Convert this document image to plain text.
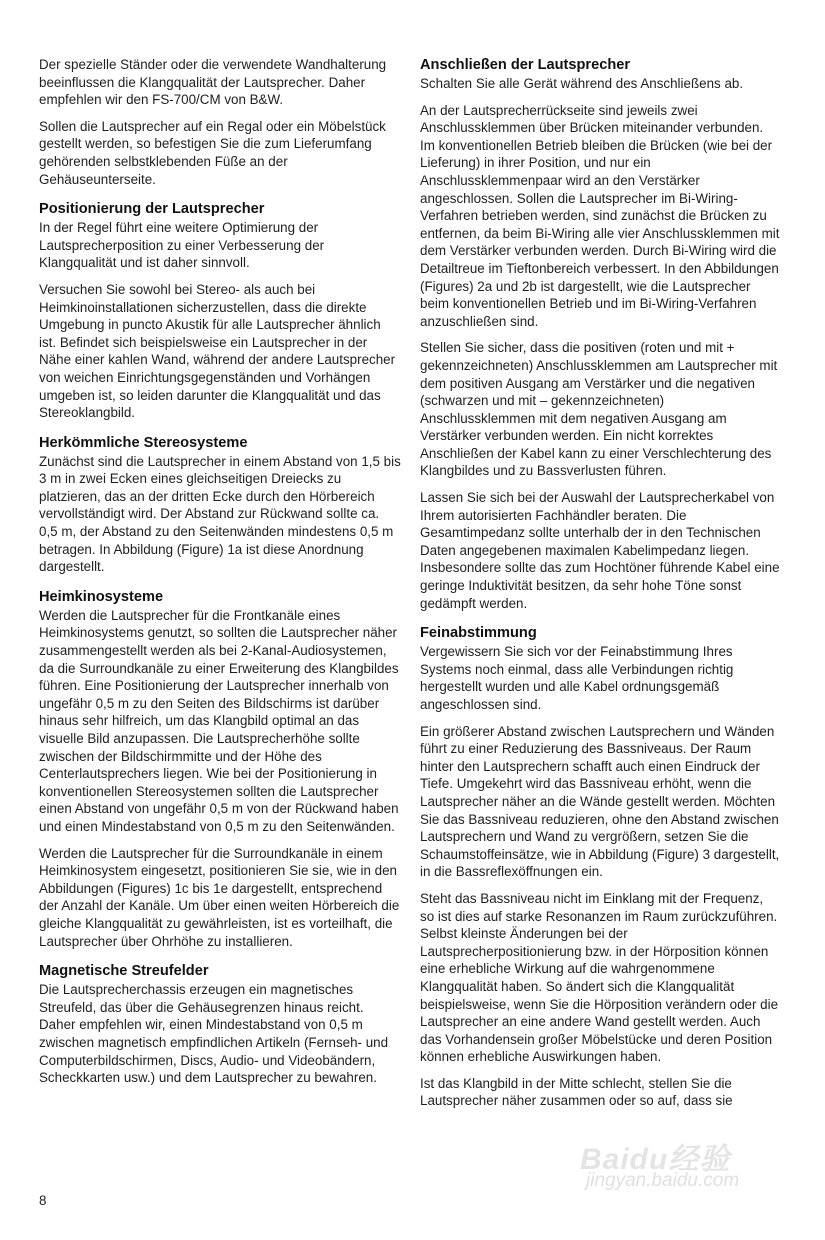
Der spezielle Ständer oder die verwendete Wandhalterung beeinflussen die Klangqualität der Lautsprecher. Daher empfehlen wir den FS-700/CM von B&W.

Sollen die Lautsprecher auf ein Regal oder ein Möbelstück gestellt werden, so befestigen Sie die zum Lieferumfang gehörenden selbstklebenden Füße an der Gehäuseunterseite.

Positionierung der Lautsprecher

In der Regel führt eine weitere Optimierung der Lautsprecherposition zu einer Verbesserung der Klangqualität und ist daher sinnvoll.

Versuchen Sie sowohl bei Stereo- als auch bei Heimkinoinstallationen sicherzustellen, dass die direkte Umgebung in puncto Akustik für alle Lautsprecher ähnlich ist. Befindet sich beispielsweise ein Lautsprecher in der Nähe einer kahlen Wand, während der andere Lautsprecher von weichen Einrichtungsgegenständen und Vorhängen umgeben ist, so leiden darunter die Klangqualität und das Stereoklangbild.

Herkömmliche Stereosysteme

Zunächst sind die Lautsprecher in einem Abstand von 1,5 bis 3 m in zwei Ecken eines gleichseitigen Dreiecks zu platzieren, das an der dritten Ecke durch den Hörbereich vervollständigt wird. Der Abstand zur Rückwand sollte ca. 0,5 m, der Abstand zu den Seitenwänden mindestens 0,5 m betragen. In Abbildung (Figure) 1a ist diese Anordnung dargestellt.

Heimkinosysteme

Werden die Lautsprecher für die Frontkanäle eines Heimkinosystems genutzt, so sollten die Lautsprecher näher zusammengestellt werden als bei 2-Kanal-Audiosystemen, da die Surroundkanäle zu einer Erweiterung des Klangbildes führen. Eine Positionierung der Lautsprecher innerhalb von ungefähr 0,5 m zu den Seiten des Bildschirms ist darüber hinaus sehr hilfreich, um das Klangbild optimal an das visuelle Bild anzupassen. Die Lautsprecherhöhe sollte zwischen der Bildschirmmitte und der Höhe des Centerlautsprechers liegen. Wie bei der Positionierung in konventionellen Stereosystemen sollten die Lautsprecher einen Abstand von ungefähr 0,5 m von der Rückwand haben und einen Mindestabstand von 0,5 m zu den Seitenwänden.

Werden die Lautsprecher für die Surroundkanäle in einem Heimkinosystem eingesetzt, positionieren Sie sie, wie in den Abbildungen (Figures) 1c bis 1e dargestellt, entsprechend der Anzahl der Kanäle. Um über einen weiten Hörbereich die gleiche Klangqualität zu gewährleisten, ist es vorteilhaft, die Lautsprecher über Ohrhöhe zu installieren.

Magnetische Streufelder

Die Lautsprecherchassis erzeugen ein magnetisches Streufeld, das über die Gehäusegrenzen hinaus reicht. Daher empfehlen wir, einen Mindestabstand von 0,5 m zwischen magnetisch empfindlichen Artikeln (Fernseh- und Computerbildschirmen, Discs, Audio- und Videobändern, Scheckkarten usw.) und dem Lautsprecher zu bewahren.

Anschließen der Lautsprecher

Schalten Sie alle Gerät während des Anschließens ab.

An der Lautsprecherrückseite sind jeweils zwei Anschlussklemmen über Brücken miteinander verbunden. Im konventionellen Betrieb bleiben die Brücken (wie bei der Lieferung) in ihrer Position, und nur ein Anschlussklemmenpaar wird an den Verstärker angeschlossen. Sollen die Lautsprecher im Bi-Wiring-Verfahren betrieben werden, sind zunächst die Brücken zu entfernen, da beim Bi-Wiring alle vier Anschlussklemmen mit dem Verstärker verbunden werden. Durch Bi-Wiring wird die Detailtreue im Tieftonbereich verbessert. In den Abbildungen (Figures) 2a und 2b ist dargestellt, wie die Lautsprecher beim konventionellen Betrieb und im Bi-Wiring-Verfahren anzuschließen sind.

Stellen Sie sicher, dass die positiven (roten und mit + gekennzeichneten) Anschlussklemmen am Lautsprecher mit dem positiven Ausgang am Verstärker und die negativen (schwarzen und mit – gekennzeichneten) Anschlussklemmen mit dem negativen Ausgang am Verstärker verbunden werden. Ein nicht korrektes Anschließen der Kabel kann zu einer Verschlechterung des Klangbildes und zu Bassverlusten führen.

Lassen Sie sich bei der Auswahl der Lautsprecherkabel von Ihrem autorisierten Fachhändler beraten. Die Gesamtimpedanz sollte unterhalb der in den Technischen Daten angegebenen maximalen Kabelimpedanz liegen. Insbesondere sollte das zum Hochtöner führende Kabel eine geringe Induktivität besitzen, da sehr hohe Töne sonst gedämpft werden.

Feinabstimmung

Vergewissern Sie sich vor der Feinabstimmung Ihres Systems noch einmal, dass alle Verbindungen richtig hergestellt wurden und alle Kabel ordnungsgemäß angeschlossen sind.

Ein größerer Abstand zwischen Lautsprechern und Wänden führt zu einer Reduzierung des Bassniveaus. Der Raum hinter den Lautsprechern schafft auch einen Eindruck der Tiefe. Umgekehrt wird das Bassniveau erhöht, wenn die Lautsprecher näher an die Wände gestellt werden. Möchten Sie das Bassniveau reduzieren, ohne den Abstand zwischen Lautsprechern und Wand zu vergrößern, setzen Sie die Schaumstoffeinsätze, wie in Abbildung (Figure) 3 dargestellt, in die Bassreflexöffnungen ein.

Steht das Bassniveau nicht im Einklang mit der Frequenz, so ist dies auf starke Resonanzen im Raum zurückzuführen. Selbst kleinste Änderungen bei der Lautsprecherpositionierung bzw. in der Hörposition können eine erhebliche Wirkung auf die wahrgenommene Klangqualität haben. So ändert sich die Klangqualität beispielsweise, wenn Sie die Hörposition verändern oder die Lautsprecher an eine andere Wand gestellt werden. Auch das Vorhandensein großer Möbelstücke und deren Position können erhebliche Auswirkungen haben.

Ist das Klangbild in der Mitte schlecht, stellen Sie die Lautsprecher näher zusammen oder so auf, dass sie

8
Baidu经验
jingyan.baidu.com
